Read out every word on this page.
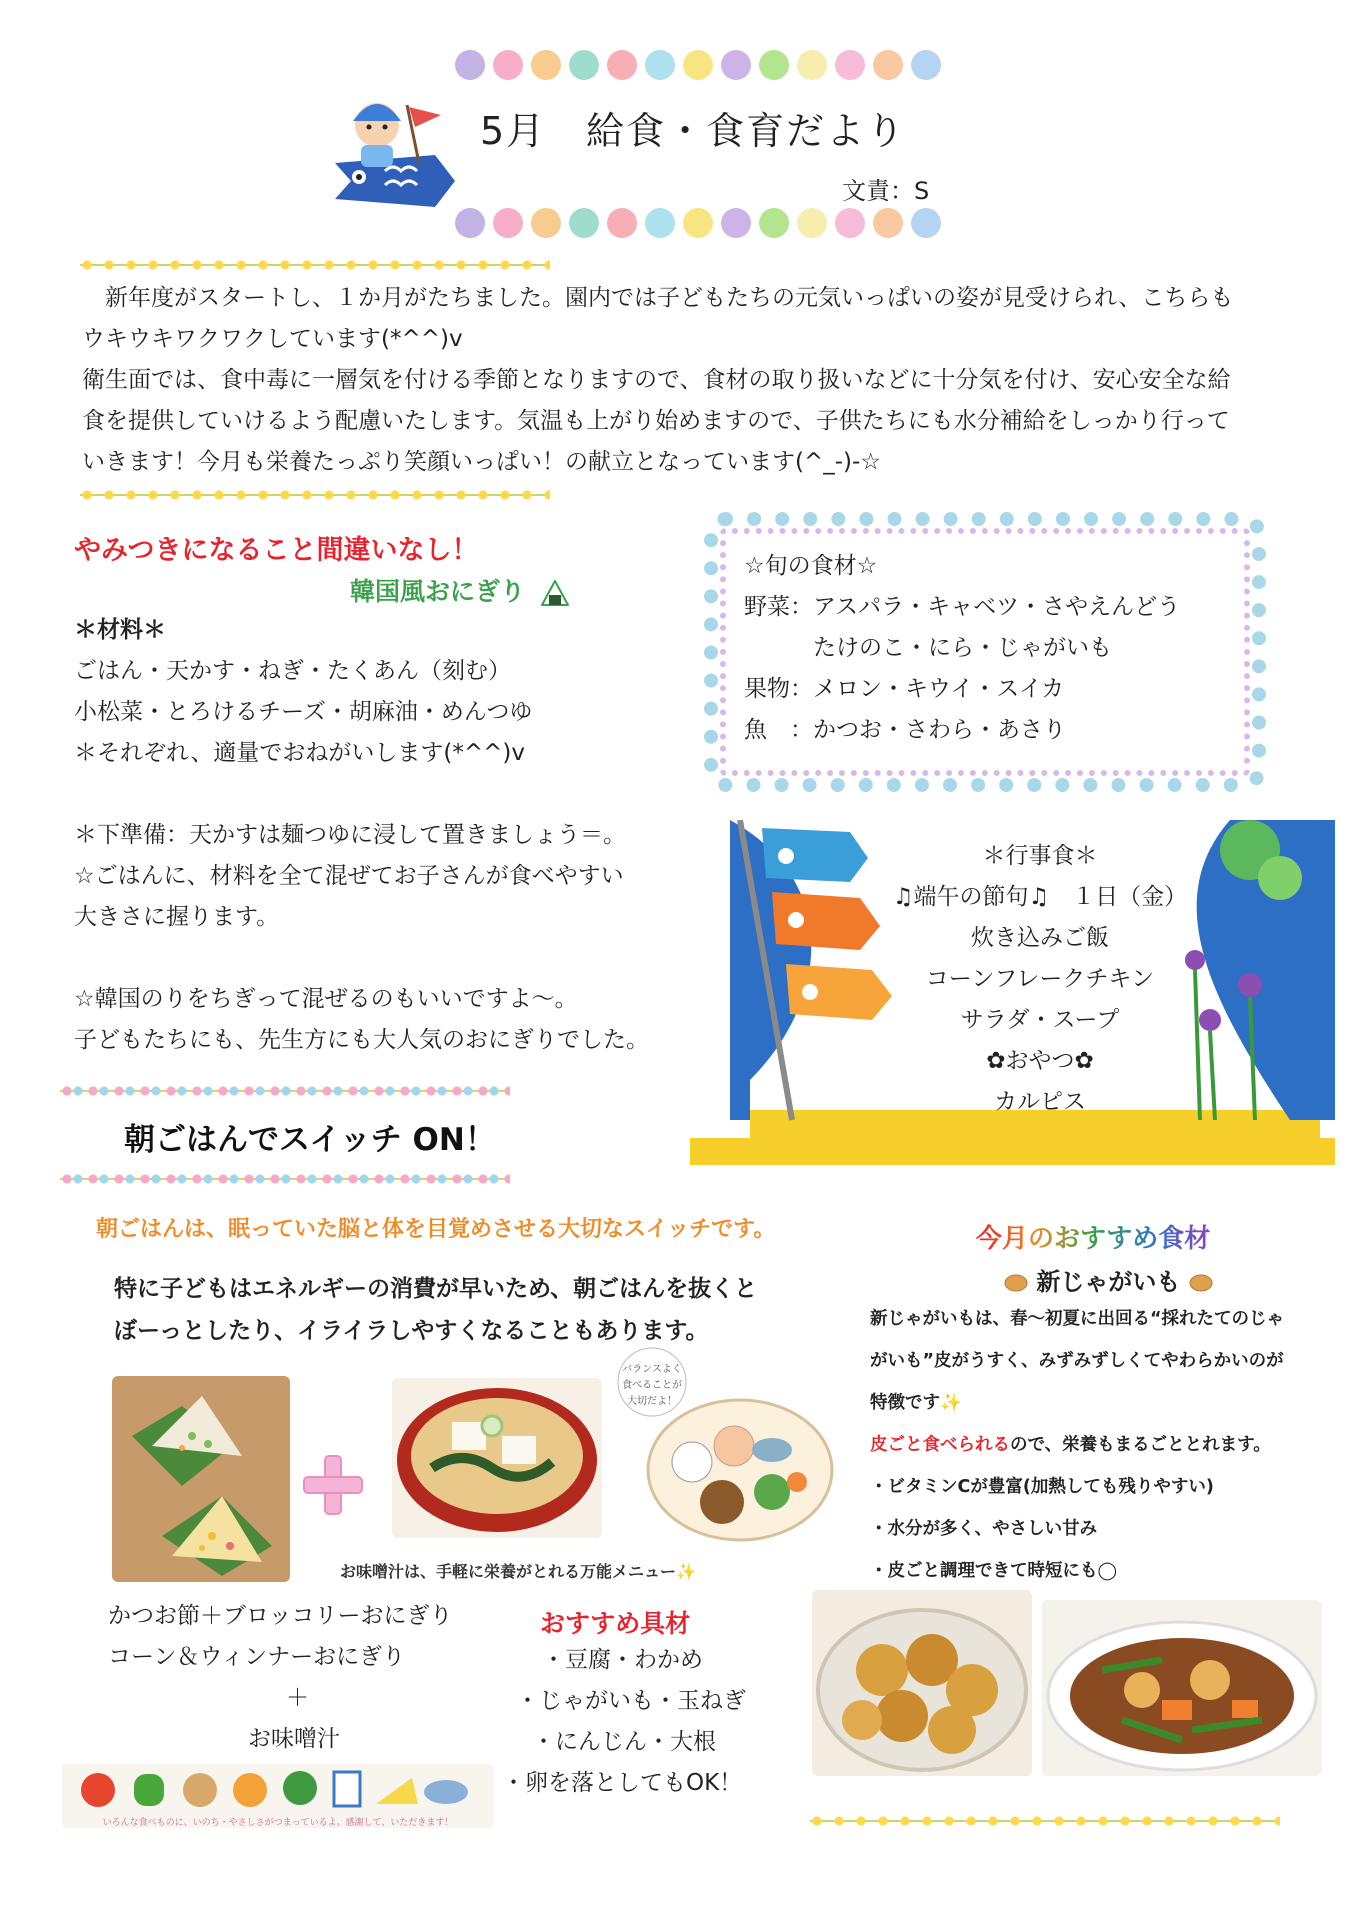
5月　給食・食育だより
文責：S
　新年度がスタートし、１か月がたちました。園内では子どもたちの元気いっぱいの姿が見受けられ、こちらも
ウキウキワクワクしています(*^^)v
衛生面では、食中毒に一層気を付ける季節となりますので、食材の取り扱いなどに十分気を付け、安心安全な給
食を提供していけるよう配慮いたします。気温も上がり始めますので、子供たちにも水分補給をしっかり行って
いきます！今月も栄養たっぷり笑顔いっぱい！の献立となっています(^_-)-☆
やみつきになること間違いなし！
韓国風おにぎり
＊材料＊
ごはん・天かす・ねぎ・たくあん（刻む）
小松菜・とろけるチーズ・胡麻油・めんつゆ
＊それぞれ、適量でおねがいします(*^^)v

＊下準備：天かすは麺つゆに浸して置きましょう＝。
☆ごはんに、材料を全て混ぜてお子さんが食べやすい
大きさに握ります。

☆韓国のりをちぎって混ぜるのもいいですよ～。
子どもたちにも、先生方にも大人気のおにぎりでした。
☆旬の食材☆
野菜：アスパラ・キャベツ・さやえんどう
　　　たけのこ・にら・じゃがいも
果物：メロン・キウイ・スイカ
魚　：かつお・さわら・あさり
＊行事食＊
♫端午の節句♫　１日（金）
炊き込みご飯
コーンフレークチキン
サラダ・スープ
✿おやつ✿
カルピス
朝ごはんでスイッチ ON！
朝ごはんは、眠っていた脳と体を目覚めさせる大切なスイッチです。
特に子どもはエネルギーの消費が早いため、朝ごはんを抜くと
ぼーっとしたり、イライラしやすくなることもあります。
バランスよく
食べることが
大切だよ！
お味噌汁は、手軽に栄養がとれる万能メニュー✨
かつお節＋ブロッコリーおにぎり
コーン＆ウィンナーおにぎり
＋
お味噌汁
いろんな食べものに、いのち・やさしさがつまっているよ。感謝して、いただきます！
おすすめ具材
・豆腐・わかめ
・じゃがいも・玉ねぎ
・にんじん・大根
・卵を落としてもOK！
今月のおすすめ食材
新じゃがいも
新じゃがいもは、春～初夏に出回る“採れたてのじゃ
がいも”皮がうすく、みずみずしくてやわらかいのが
特徴です✨
皮ごと食べられるので、栄養もまるごととれます。
・ビタミンCが豊富(加熱しても残りやすい)
・水分が多く、やさしい甘み
・皮ごと調理できて時短にも◯
